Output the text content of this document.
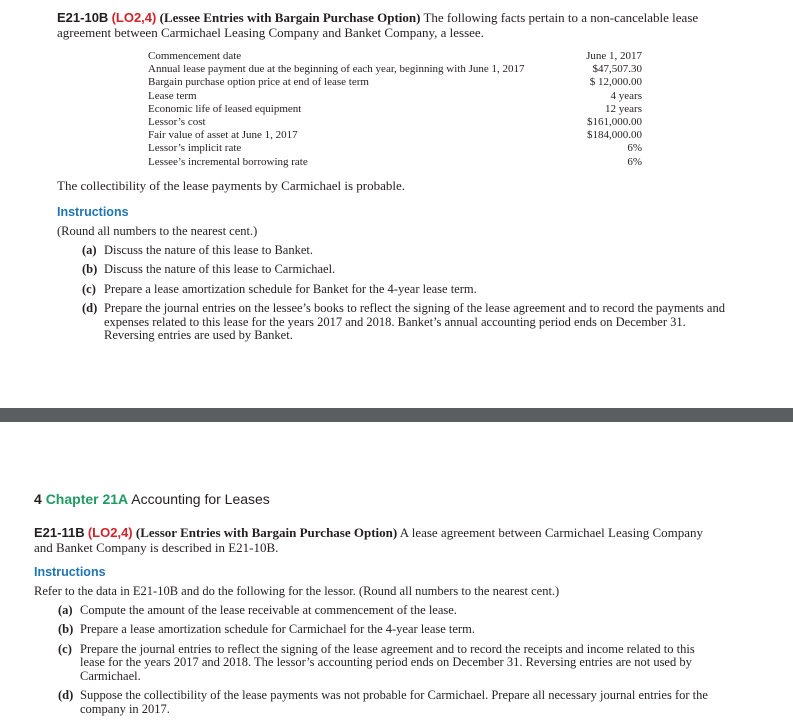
E21-10B (LO2,4) (Lessee Entries with Bargain Purchase Option) The following facts pertain to a non-cancelable lease agreement between Carmichael Leasing Company and Banket Company, a lessee.
Commencement date	June 1, 2017
Annual lease payment due at the beginning of each year, beginning with June 1, 2017	$47,507.30
Bargain purchase option price at end of lease term	$ 12,000.00
Lease term	4 years
Economic life of leased equipment	12 years
Lessor’s cost	$161,000.00
Fair value of asset at June 1, 2017	$184,000.00
Lessor’s implicit rate	6%
Lessee’s incremental borrowing rate	6%
The collectibility of the lease payments by Carmichael is probable.
Instructions
(Round all numbers to the nearest cent.)
(a) Discuss the nature of this lease to Banket.
(b) Discuss the nature of this lease to Carmichael.
(c) Prepare a lease amortization schedule for Banket for the 4-year lease term.
(d) Prepare the journal entries on the lessee’s books to reflect the signing of the lease agreement and to record the payments and expenses related to this lease for the years 2017 and 2018. Banket’s annual accounting period ends on December 31. Reversing entries are used by Banket.
4 Chapter 21A Accounting for Leases
E21-11B (LO2,4) (Lessor Entries with Bargain Purchase Option) A lease agreement between Carmichael Leasing Company and Banket Company is described in E21-10B.
Instructions
Refer to the data in E21-10B and do the following for the lessor. (Round all numbers to the nearest cent.)
(a) Compute the amount of the lease receivable at commencement of the lease.
(b) Prepare a lease amortization schedule for Carmichael for the 4-year lease term.
(c) Prepare the journal entries to reflect the signing of the lease agreement and to record the receipts and income related to this lease for the years 2017 and 2018. The lessor’s accounting period ends on December 31. Reversing entries are not used by Carmichael.
(d) Suppose the collectibility of the lease payments was not probable for Carmichael. Prepare all necessary journal entries for the company in 2017.
